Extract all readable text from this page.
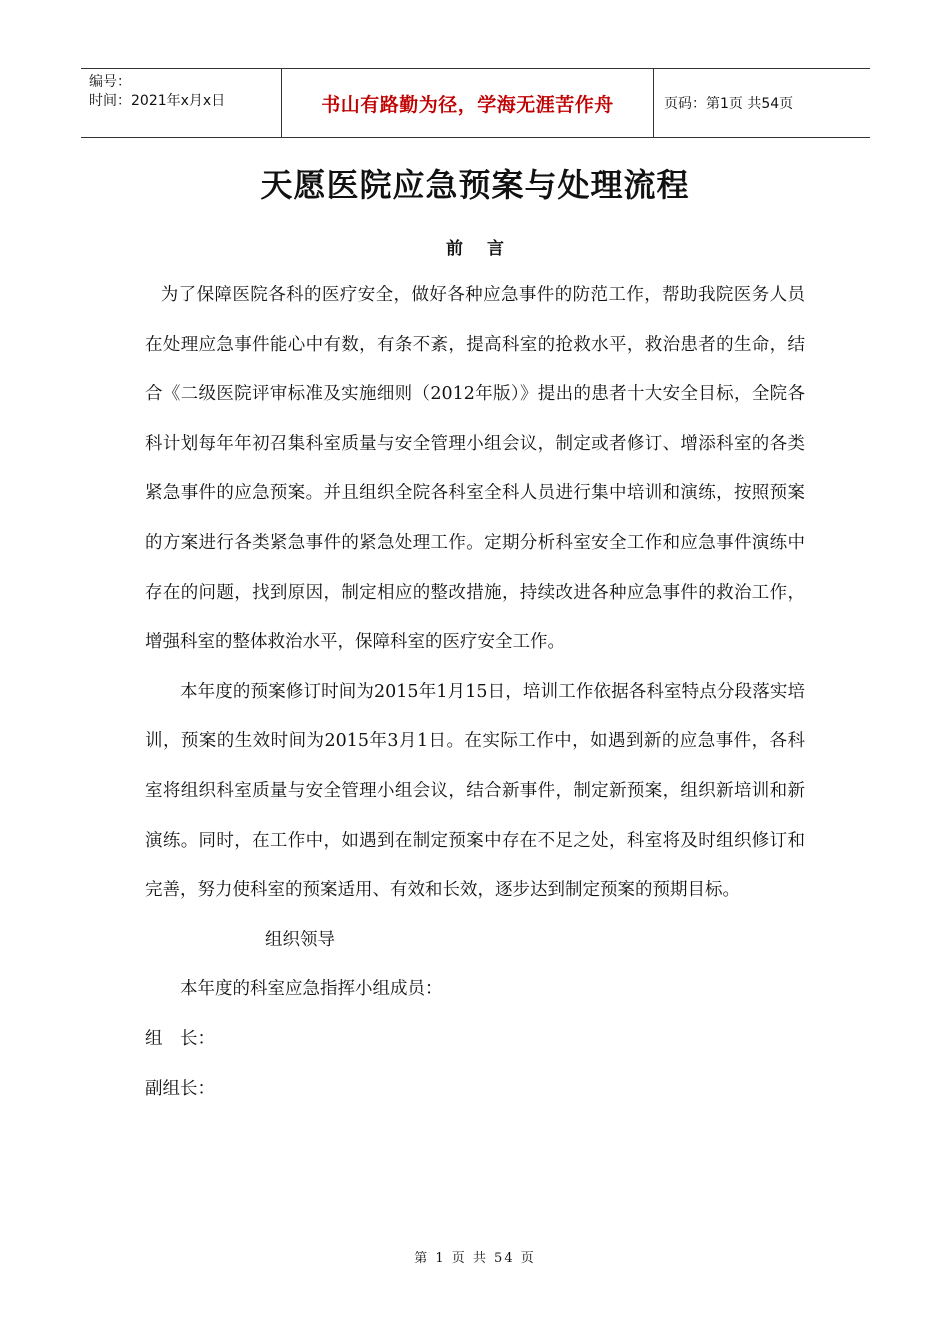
编号：
时间：2021年x月x日	书山有路勤为径，学海无涯苦作舟	页码：第1页 共54页
天愿医院应急预案与处理流程
前言

为了保障医院各科的医疗安全，做好各种应急事件的防范工作，帮助我院医务人员在处理应急事件能心中有数，有条不紊，提高科室的抢救水平，救治患者的生命，结合《二级医院评审标准及实施细则（2012年版）》提出的患者十大安全目标，全院各科计划每年年初召集科室质量与安全管理小组会议，制定或者修订、增添科室的各类紧急事件的应急预案。并且组织全院各科室全科人员进行集中培训和演练，按照预案的方案进行各类紧急事件的紧急处理工作。定期分析科室安全工作和应急事件演练中存在的问题，找到原因，制定相应的整改措施，持续改进各种应急事件的救治工作，增强科室的整体救治水平，保障科室的医疗安全工作。

本年度的预案修订时间为2015年1月15日，培训工作依据各科室特点分段落实培训，预案的生效时间为2015年3月1日。在实际工作中，如遇到新的应急事件，各科室将组织科室质量与安全管理小组会议，结合新事件，制定新预案，组织新培训和新演练。同时，在工作中，如遇到在制定预案中存在不足之处，科室将及时组织修订和完善，努力使科室的预案适用、有效和长效，逐步达到制定预案的预期目标。

组织领导

本年度的科室应急指挥小组成员：

组　长：

副组长：

第 1 页 共 54 页
